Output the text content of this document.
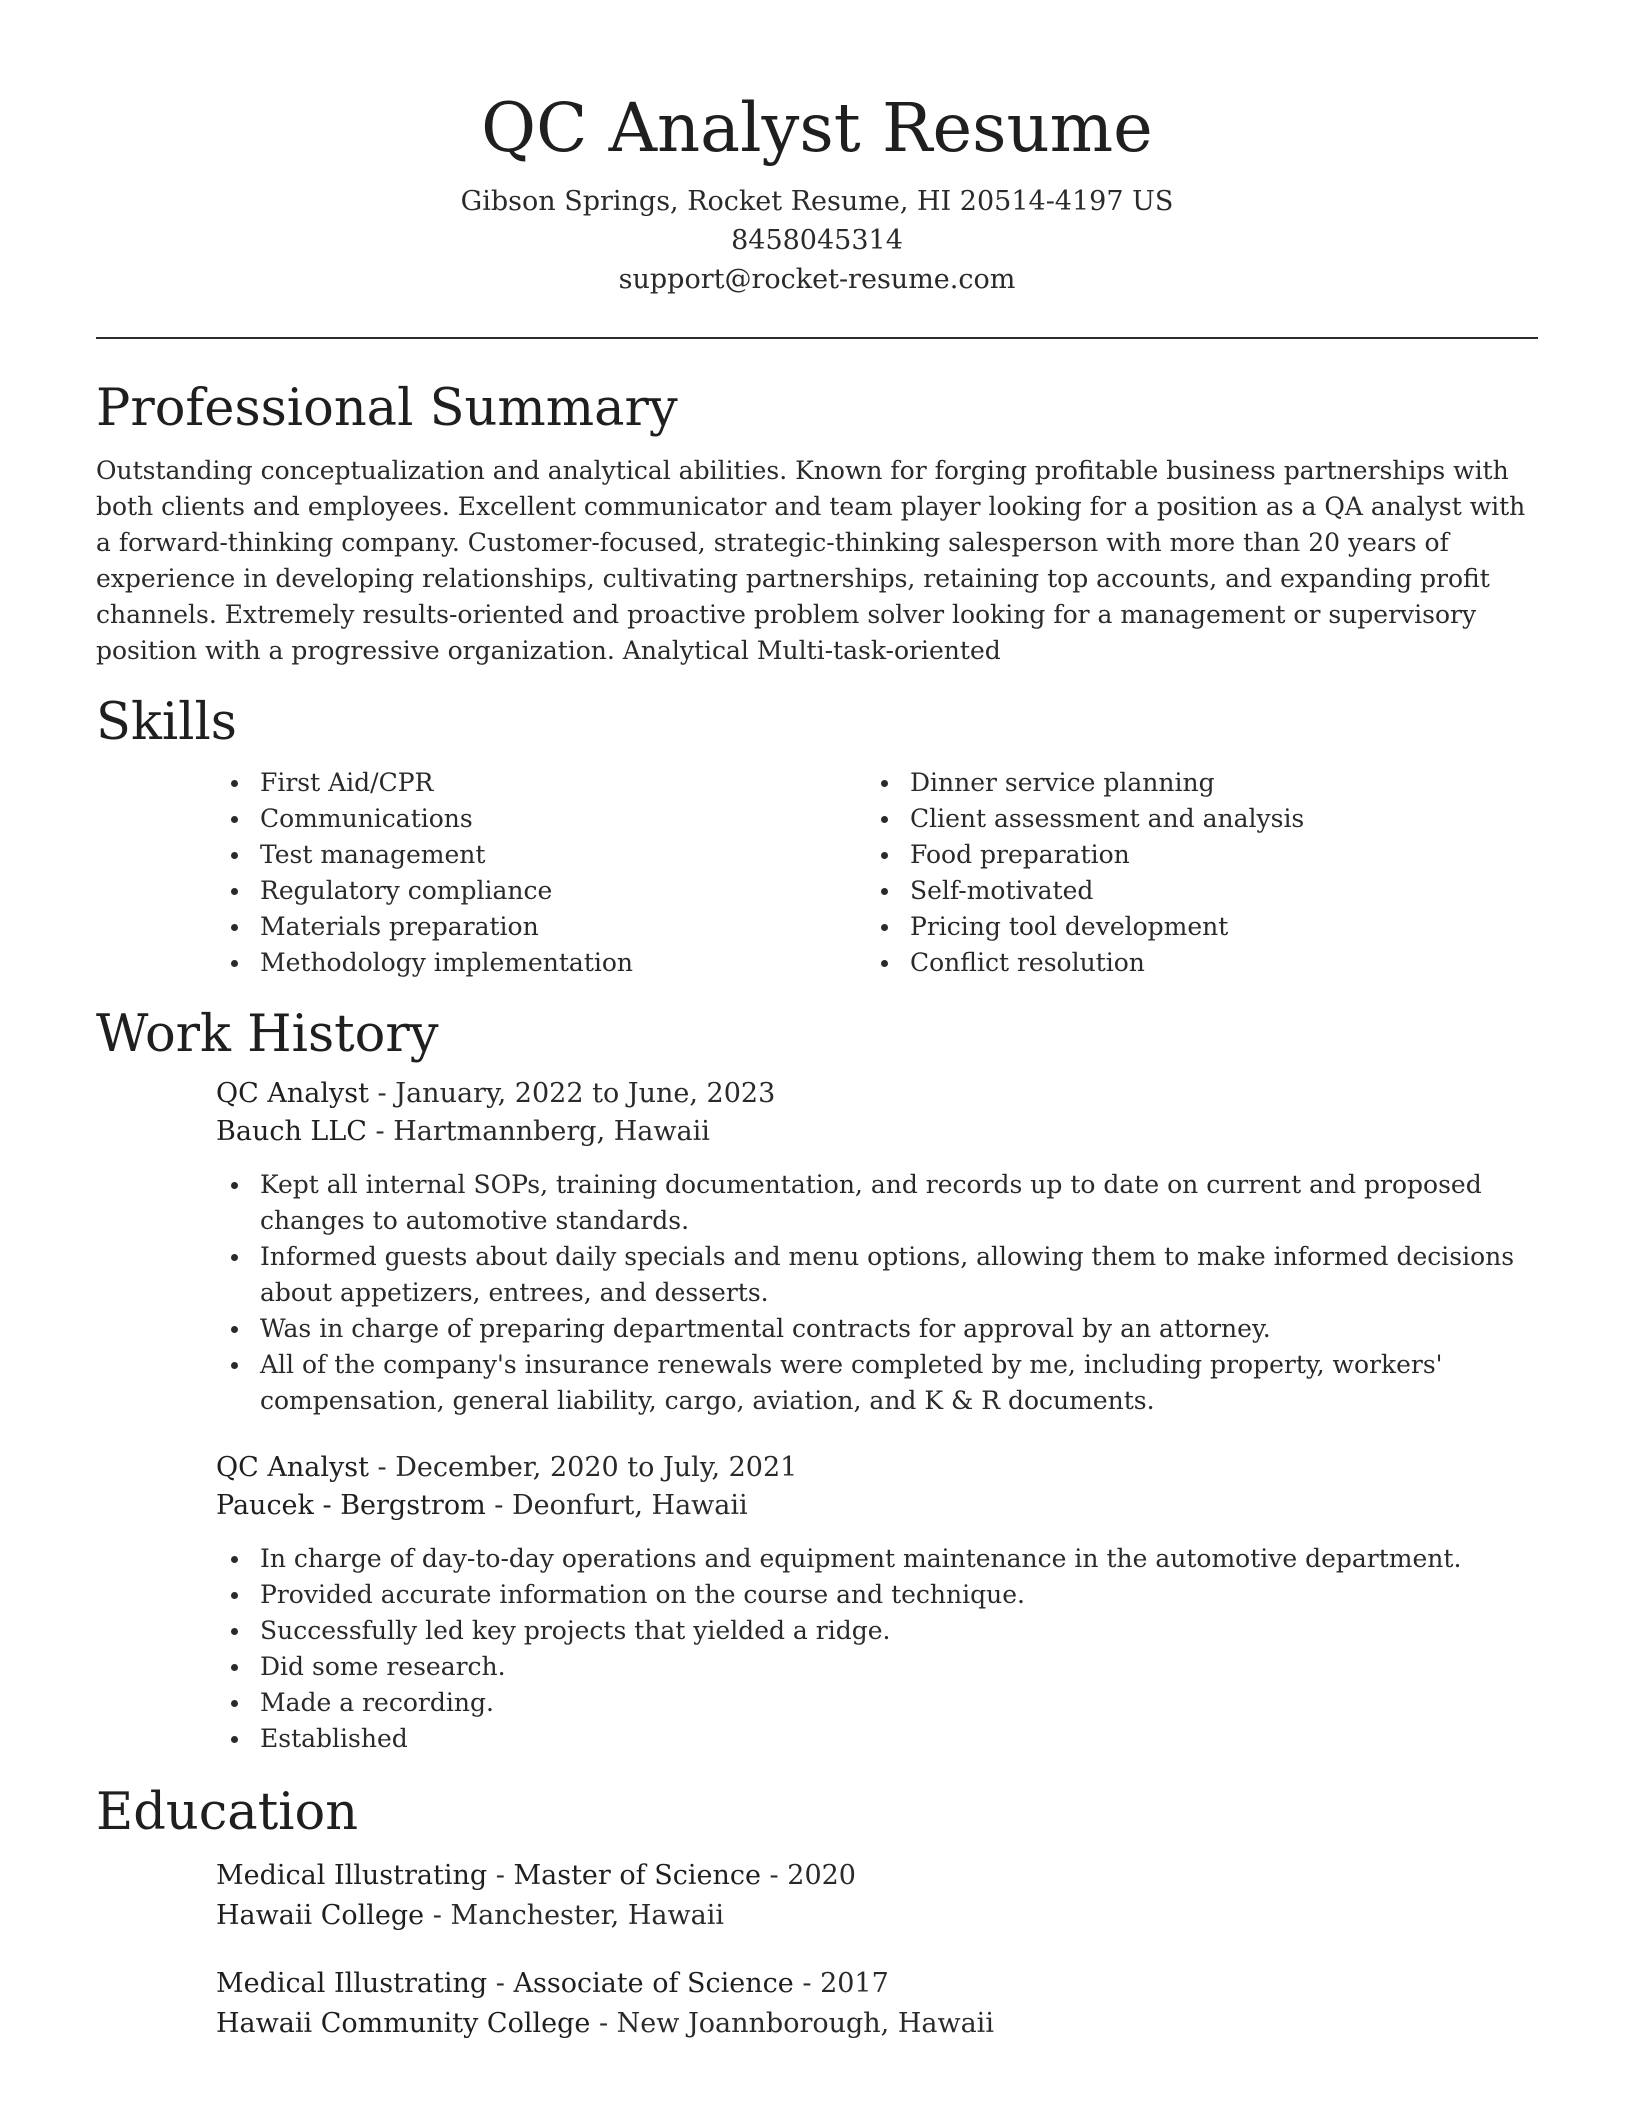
QC Analyst Resume
Gibson Springs, Rocket Resume, HI 20514-4197 US
8458045314
support@rocket-resume.com
Professional Summary

Outstanding conceptualization and analytical abilities. Known for forging profitable business partnerships with both clients and employees. Excellent communicator and team player looking for a position as a QA analyst with a forward-thinking company. Customer-focused, strategic-thinking salesperson with more than 20 years of experience in developing relationships, cultivating partnerships, retaining top accounts, and expanding profit channels. Extremely results-oriented and proactive problem solver looking for a management or supervisory position with a progressive organization. Analytical Multi-task-oriented

Skills
First Aid/CPR
Communications
Test management
Regulatory compliance
Materials preparation
Methodology implementation
Dinner service planning
Client assessment and analysis
Food preparation
Self-motivated
Pricing tool development
Conflict resolution
Work History
QC Analyst - January, 2022 to June, 2023
Bauch LLC - Hartmannberg, Hawaii
Kept all internal SOPs, training documentation, and records up to date on current and proposed changes to automotive standards.
Informed guests about daily specials and menu options, allowing them to make informed decisions about appetizers, entrees, and desserts.
Was in charge of preparing departmental contracts for approval by an attorney.
All of the company's insurance renewals were completed by me, including property, workers' compensation, general liability, cargo, aviation, and K & R documents.
QC Analyst - December, 2020 to July, 2021
Paucek - Bergstrom - Deonfurt, Hawaii
In charge of day-to-day operations and equipment maintenance in the automotive department.
Provided accurate information on the course and technique.
Successfully led key projects that yielded a ridge.
Did some research.
Made a recording.
Established
Education
Medical Illustrating - Master of Science - 2020
Hawaii College - Manchester, Hawaii
Medical Illustrating - Associate of Science - 2017
Hawaii Community College - New Joannborough, Hawaii
